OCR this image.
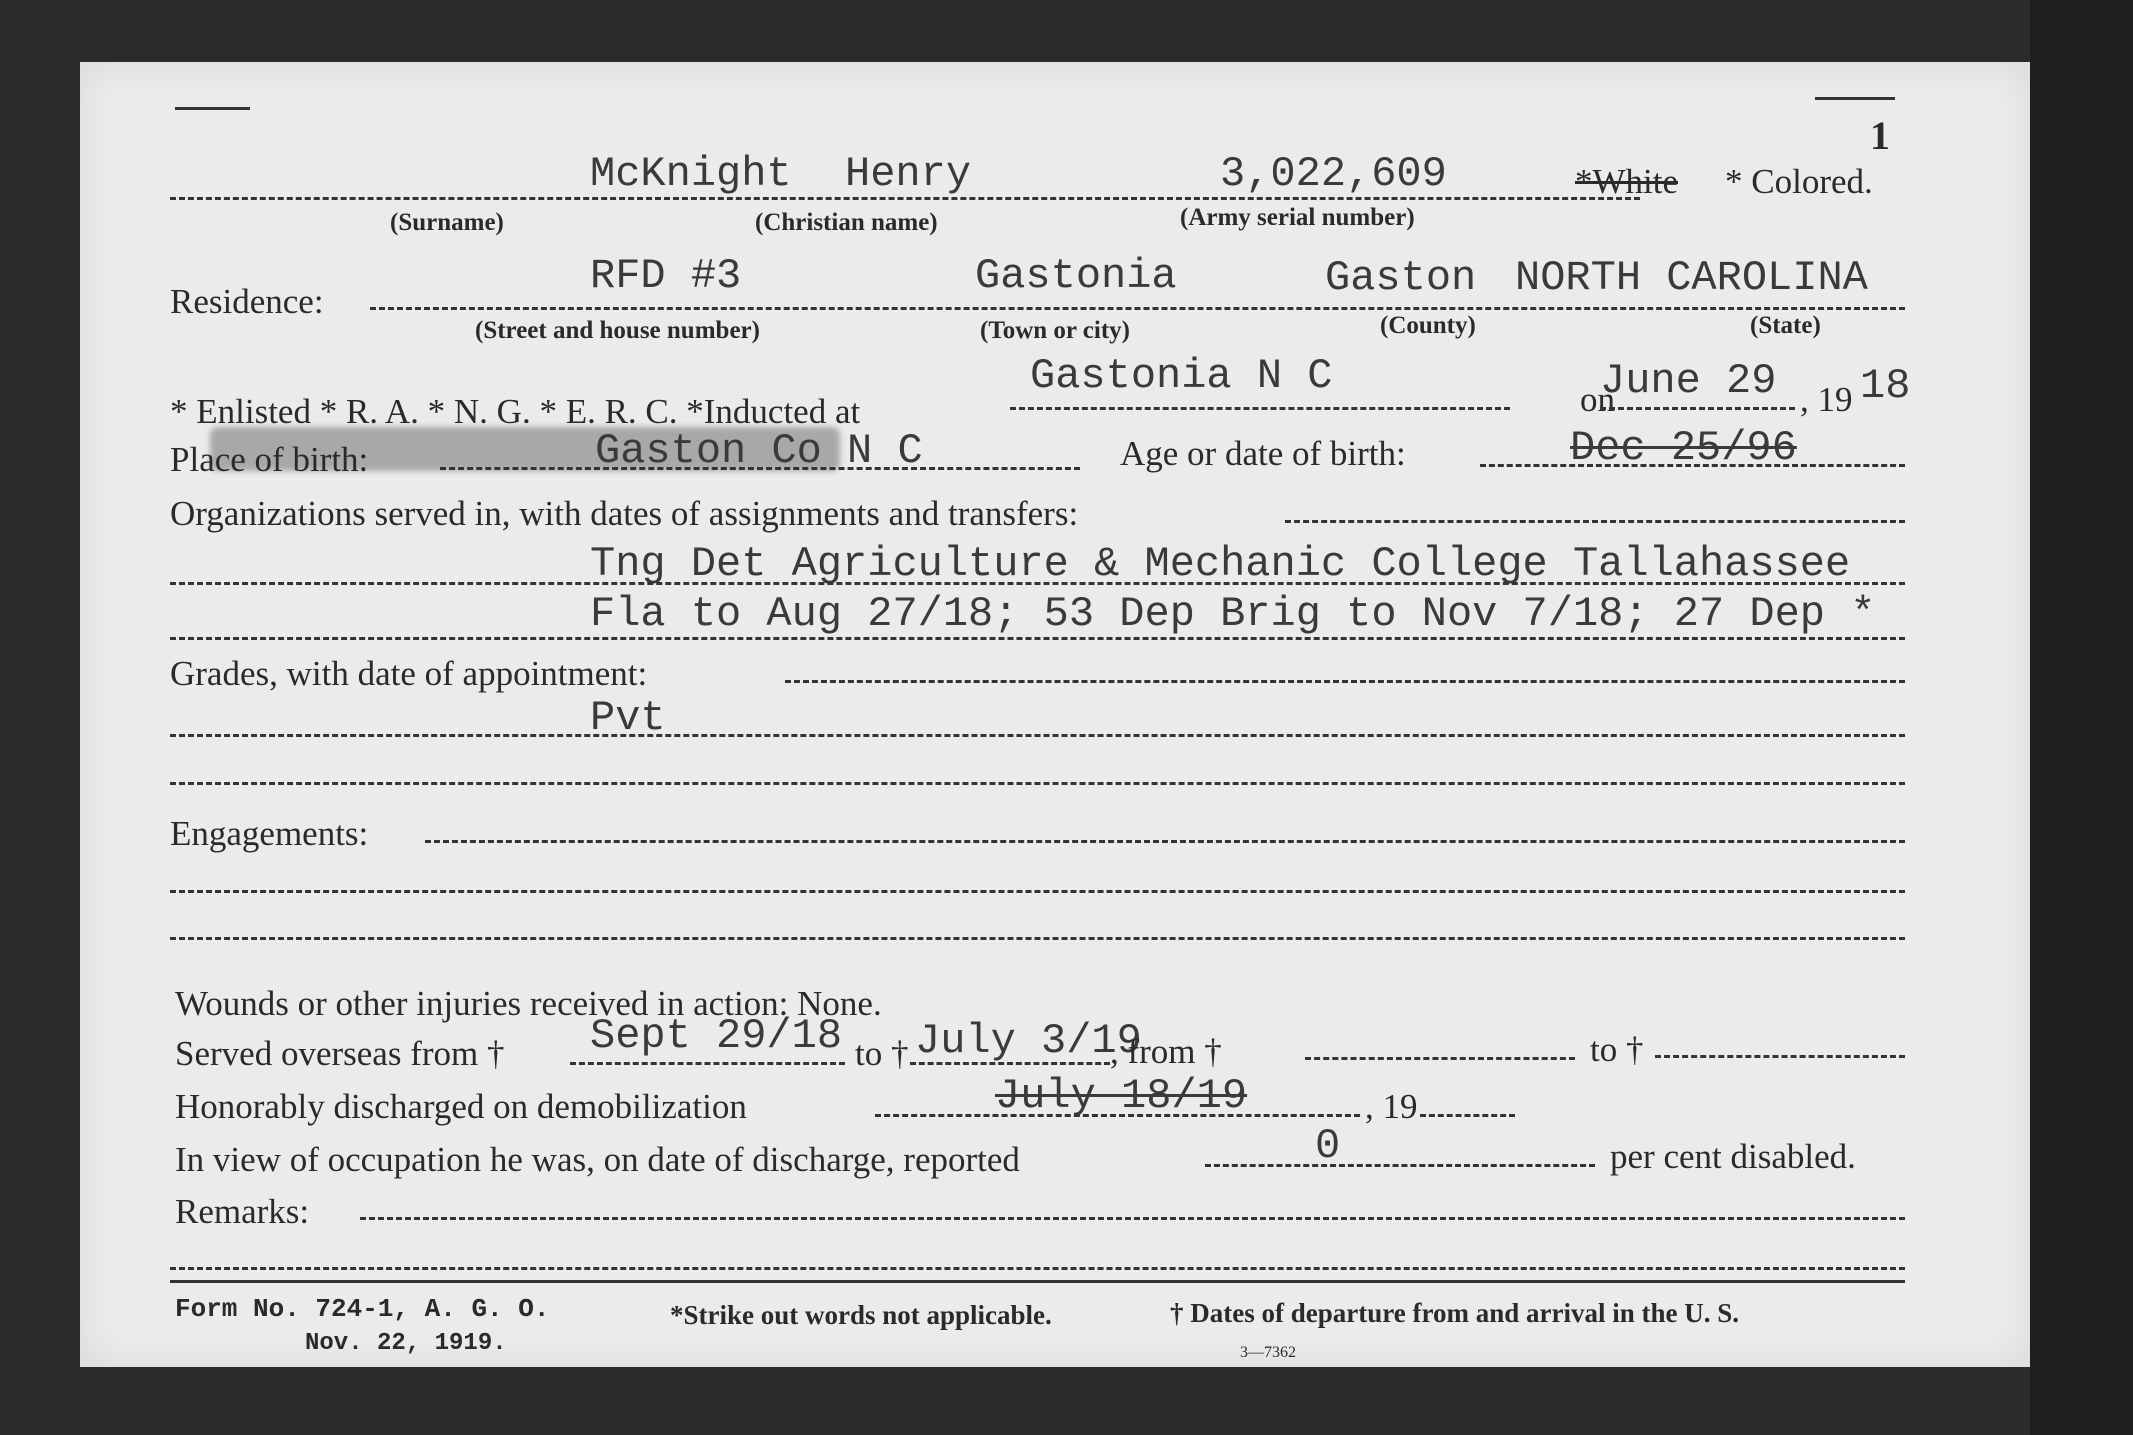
1
McKnight Henry	3,022,609	*White * Colored.
(Surname)	(Christian name)	(Army serial number)
Residence:
RFD #3	Gastonia	Gaston NORTH CAROLINA
(Street and house number)	(Town or city)	(County)	(State)
* Enlisted * R. A. * N. G. * E. R. C. *Inducted at
Gastonia N C	on
June 29 , 19 18
Place of birth:	Gaston Co N C	Age or date of birth:	Dec 25/96
Organizations served in, with dates of assignments and transfers:
Tng Det Agriculture & Mechanic College Tallahassee
Fla to Aug 27/18; 53 Dep Brig to Nov 7/18; 27 Dep *
Grades, with date of appointment:
Pvt
Engagements:
Wounds or other injuries received in action: None.
Served overseas from † Sept 29/18 to † July 3/19
, from †	to †
Honorably discharged on demobilization	July 18/19	, 19
In view of occupation he was, on date of discharge, reported	0	per cent disabled.
Remarks:
Form No. 724-1, A. G. O.
Nov. 22, 1919.
*Strike out words not applicable.	† Dates of departure from and arrival in the U. S.
3—7362
